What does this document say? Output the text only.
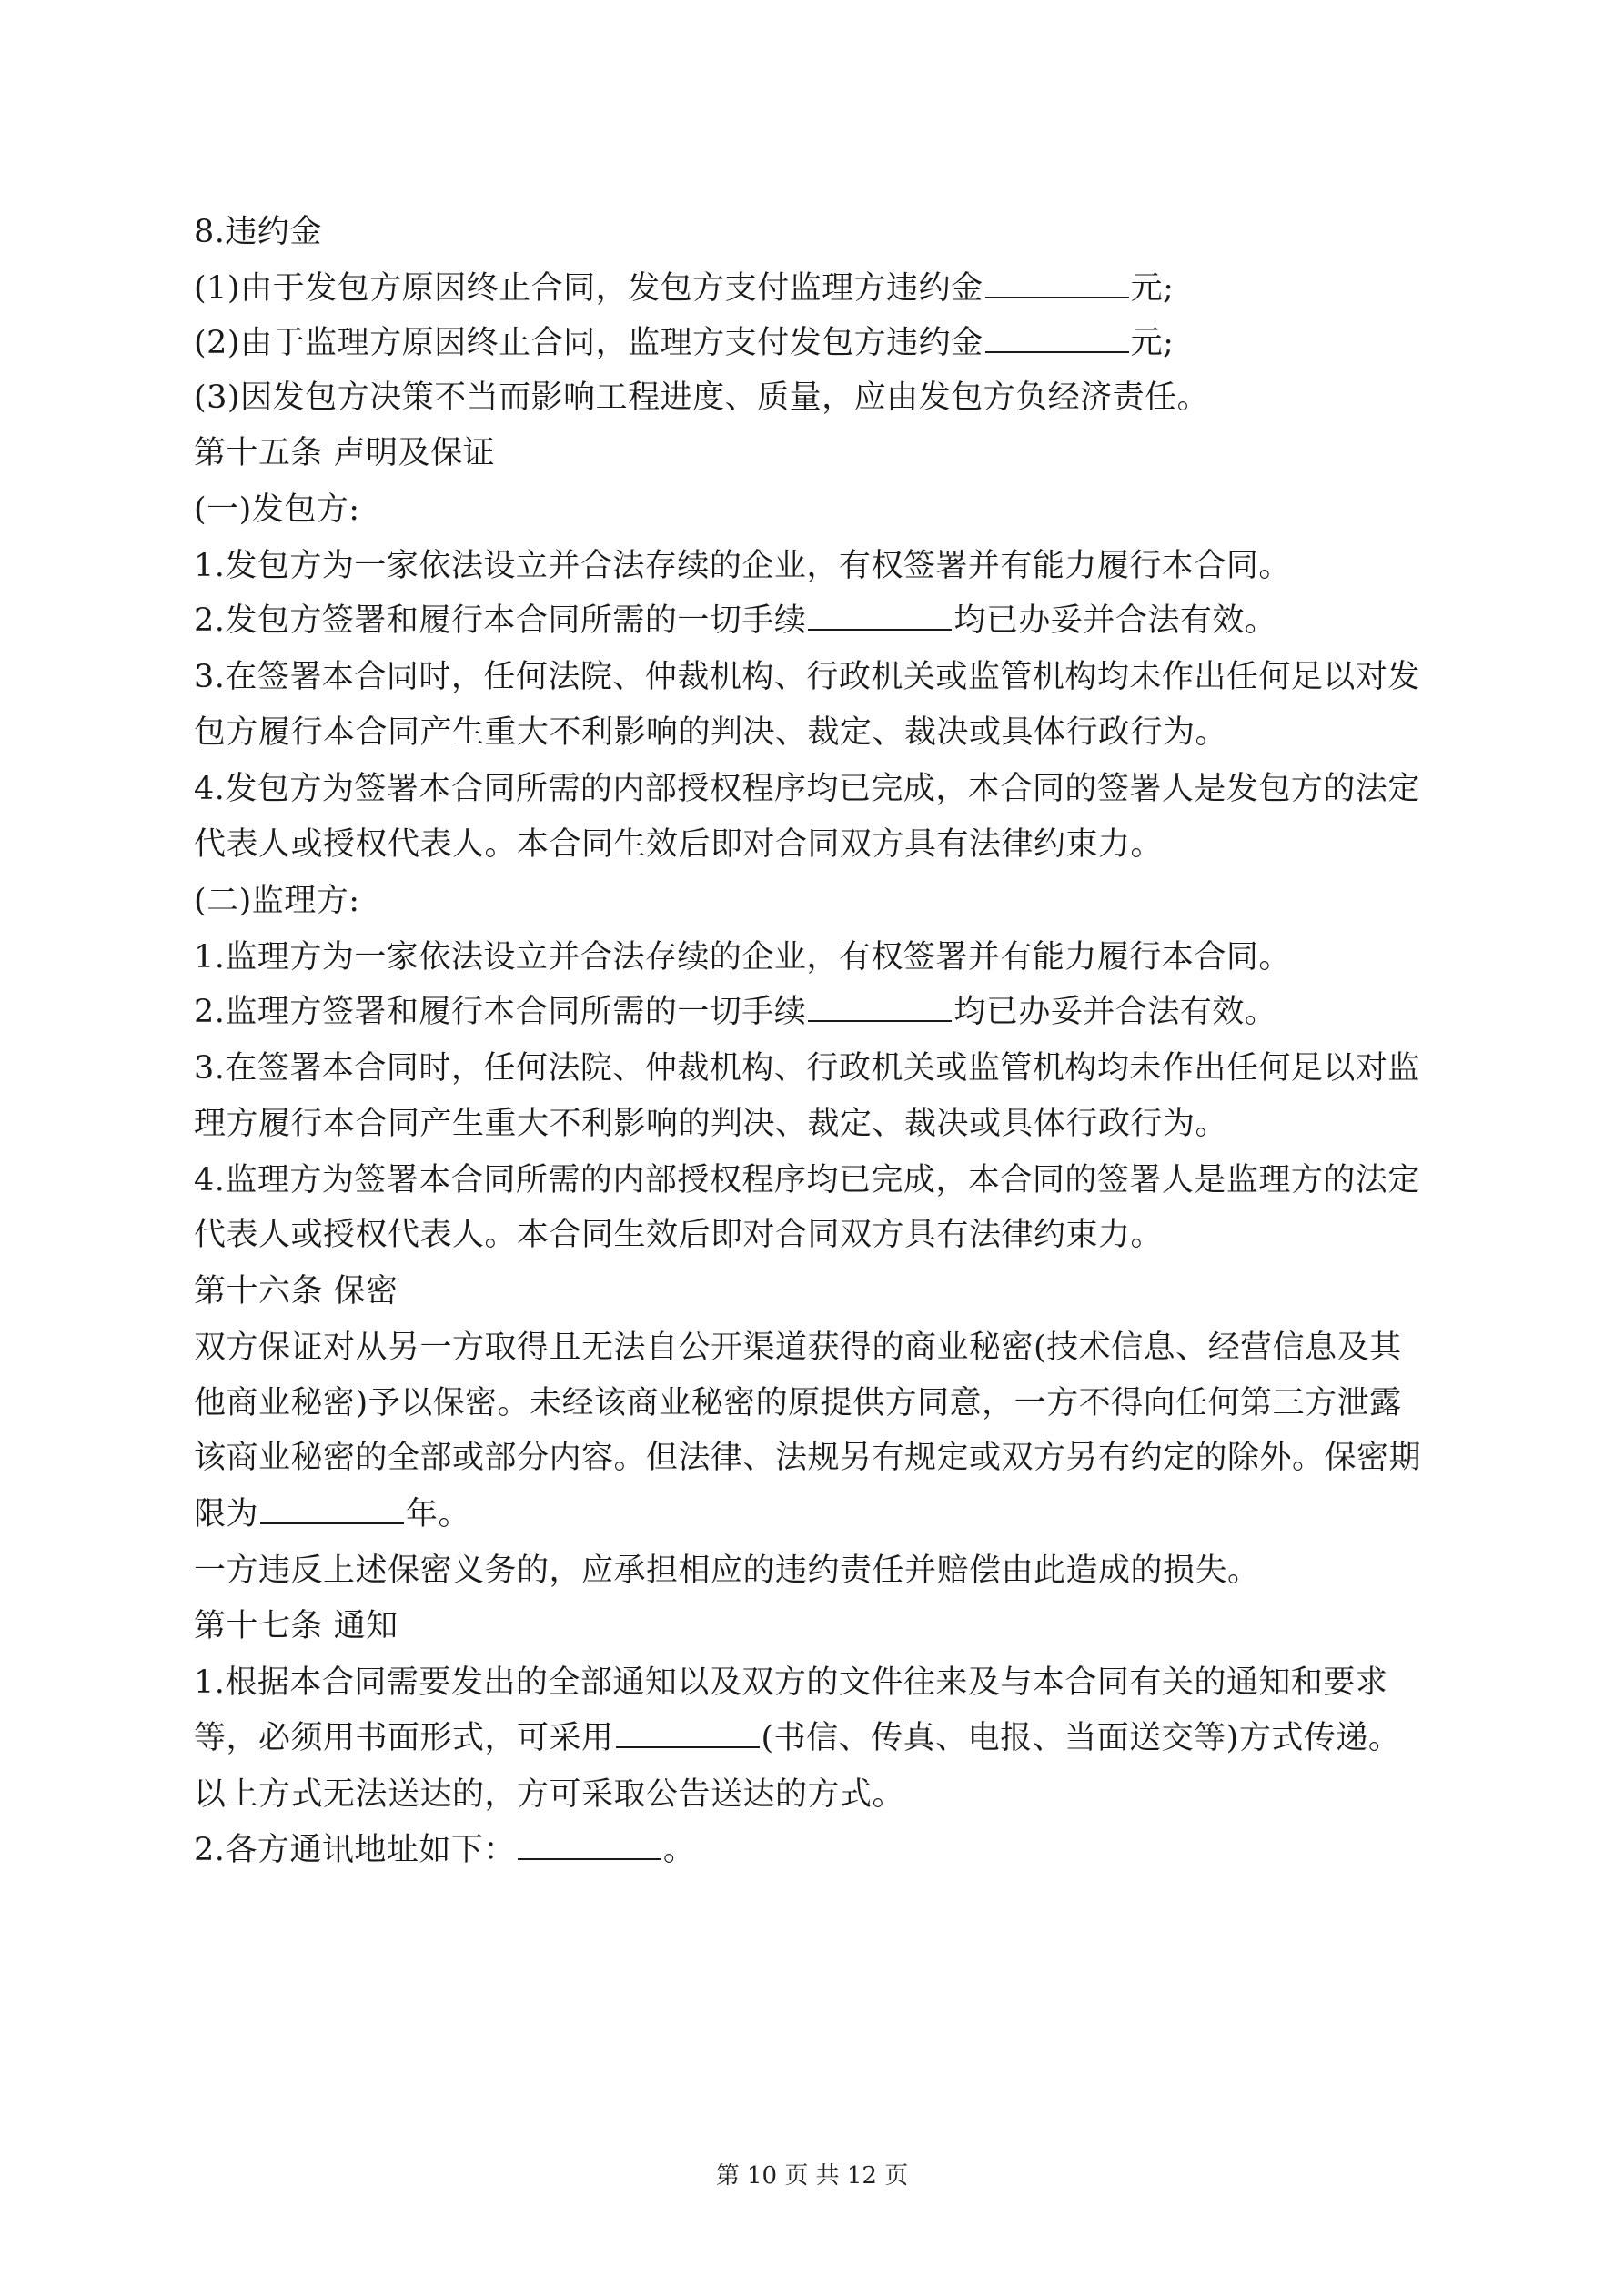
8.违约金
(1)由于发包方原因终止合同，发包方支付监理方违约金	元;
(2)由于监理方原因终止合同，监理方支付发包方违约金	元;
(3)因发包方决策不当而影响工程进度、质量，应由发包方负经济责任。
第十五条 声明及保证
(一)发包方:
1.发包方为一家依法设立并合法存续的企业，有权签署并有能力履行本合同。
2.发包方签署和履行本合同所需的一切手续	均已办妥并合法有效。
3.在签署本合同时，任何法院、仲裁机构、行政机关或监管机构均未作出任何足以对发
包方履行本合同产生重大不利影响的判决、裁定、裁决或具体行政行为。
4.发包方为签署本合同所需的内部授权程序均已完成，本合同的签署人是发包方的法定
代表人或授权代表人。本合同生效后即对合同双方具有法律约束力。
(二)监理方:
1.监理方为一家依法设立并合法存续的企业，有权签署并有能力履行本合同。
2.监理方签署和履行本合同所需的一切手续	均已办妥并合法有效。
3.在签署本合同时，任何法院、仲裁机构、行政机关或监管机构均未作出任何足以对监
理方履行本合同产生重大不利影响的判决、裁定、裁决或具体行政行为。
4.监理方为签署本合同所需的内部授权程序均已完成，本合同的签署人是监理方的法定
代表人或授权代表人。本合同生效后即对合同双方具有法律约束力。
第十六条 保密
双方保证对从另一方取得且无法自公开渠道获得的商业秘密(技术信息、经营信息及其
他商业秘密)予以保密。未经该商业秘密的原提供方同意，一方不得向任何第三方泄露
该商业秘密的全部或部分内容。但法律、法规另有规定或双方另有约定的除外。保密期
限为	年。
一方违反上述保密义务的，应承担相应的违约责任并赔偿由此造成的损失。
第十七条 通知
1.根据本合同需要发出的全部通知以及双方的文件往来及与本合同有关的通知和要求
等，必须用书面形式，可采用	(书信、传真、电报、当面送交等)方式传递。
以上方式无法送达的，方可采取公告送达的方式。
2.各方通讯地址如下：	。
第 10 页 共 12 页
